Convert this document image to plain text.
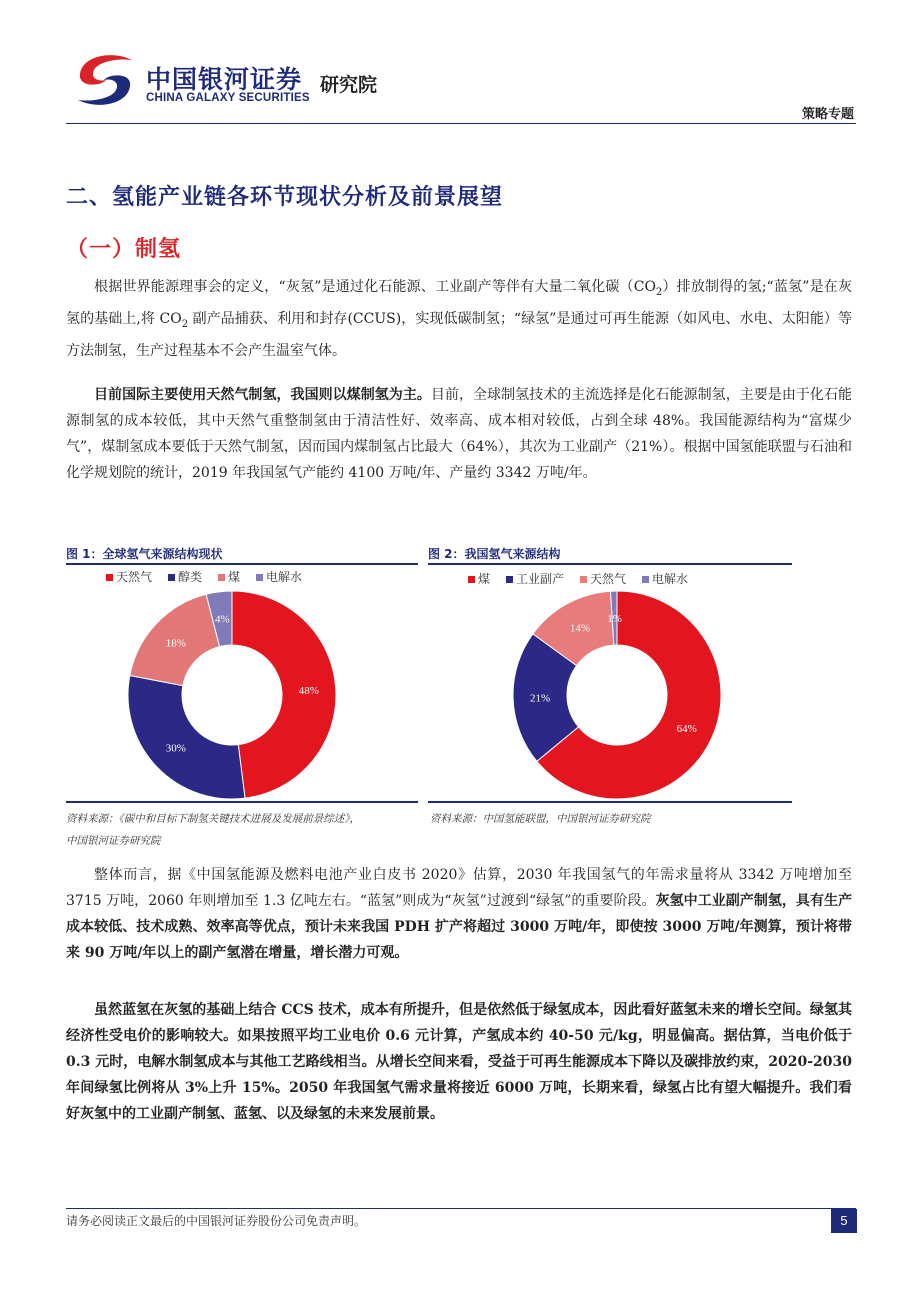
中国银河证券
CHINA GALAXY SECURITIES
研究院
策略专题
二、氢能产业链各环节现状分析及前景展望
（一）制氢

根据世界能源理事会的定义，“灰氢”是通过化石能源、工业副产等伴有大量二氧化碳$(CO_2)$排放制得的氢;“蓝氢”是在灰氢的基础上,将 $CO_2$ 副产品捕获、利用和封存(CCUS)，实现低碳制氢；“绿氢”是通过可再生能源（如风电、水电、太阳能）等方法制氢，生产过程基本不会产生温室气体。

目前国际主要使用天然气制氢，我国则以煤制氢为主。目前，全球制氢技术的主流选择是化石能源制氢，主要是由于化石能源制氢的成本较低，其中天然气重整制氢由于清洁性好、效率高、成本相对较低，占到全球 48%。我国能源结构为“富煤少气”，煤制氢成本要低于天然气制氢，因而国内煤制氢占比最大（64%），其次为工业副产（21%）。根据中国氢能联盟与石油和化学规划院的统计，2019 年我国氢气产能约 4100 万吨/年、产量约 3342 万吨/年。

图 1：全球氢气来源结构现状	图 2：我国氢气来源结构
天然气 醇类 煤 电解水	煤 工业副产 天然气 电解水
48%
30%
18%
4%
64%
21%
14%
1%
资料来源：《碳中和目标下制氢关键技术进展及发展前景综述》，
中国银河证券研究院
资料来源：中国氢能联盟，中国银河证券研究院

整体而言，据《中国氢能源及燃料电池产业白皮书 2020》估算，2030 年我国氢气的年需求量将从 3342 万吨增加至 3715 万吨，2060 年则增加至 1.3 亿吨左右。“蓝氢”则成为“灰氢”过渡到“绿氢”的重要阶段。灰氢中工业副产制氢，具有生产成本较低、技术成熟、效率高等优点，预计未来我国 PDH 扩产将超过 3000 万吨/年，即使按 3000 万吨/年测算，预计将带来 90 万吨/年以上的副产氢潜在增量，增长潜力可观。

虽然蓝氢在灰氢的基础上结合 CCS 技术，成本有所提升，但是依然低于绿氢成本，因此看好蓝氢未来的增长空间。绿氢其经济性受电价的影响较大。如果按照平均工业电价 0.6 元计算，产氢成本约 40-50 元/kg，明显偏高。据估算，当电价低于 0.3 元时，电解水制氢成本与其他工艺路线相当。从增长空间来看，受益于可再生能源成本下降以及碳排放约束，2020-2030 年间绿氢比例将从 3%上升 15%。2050 年我国氢气需求量将接近 6000 万吨，长期来看，绿氢占比有望大幅提升。我们看好灰氢中的工业副产制氢、蓝氢、以及绿氢的未来发展前景。

请务必阅读正文最后的中国银河证券股份公司免责声明。	5
